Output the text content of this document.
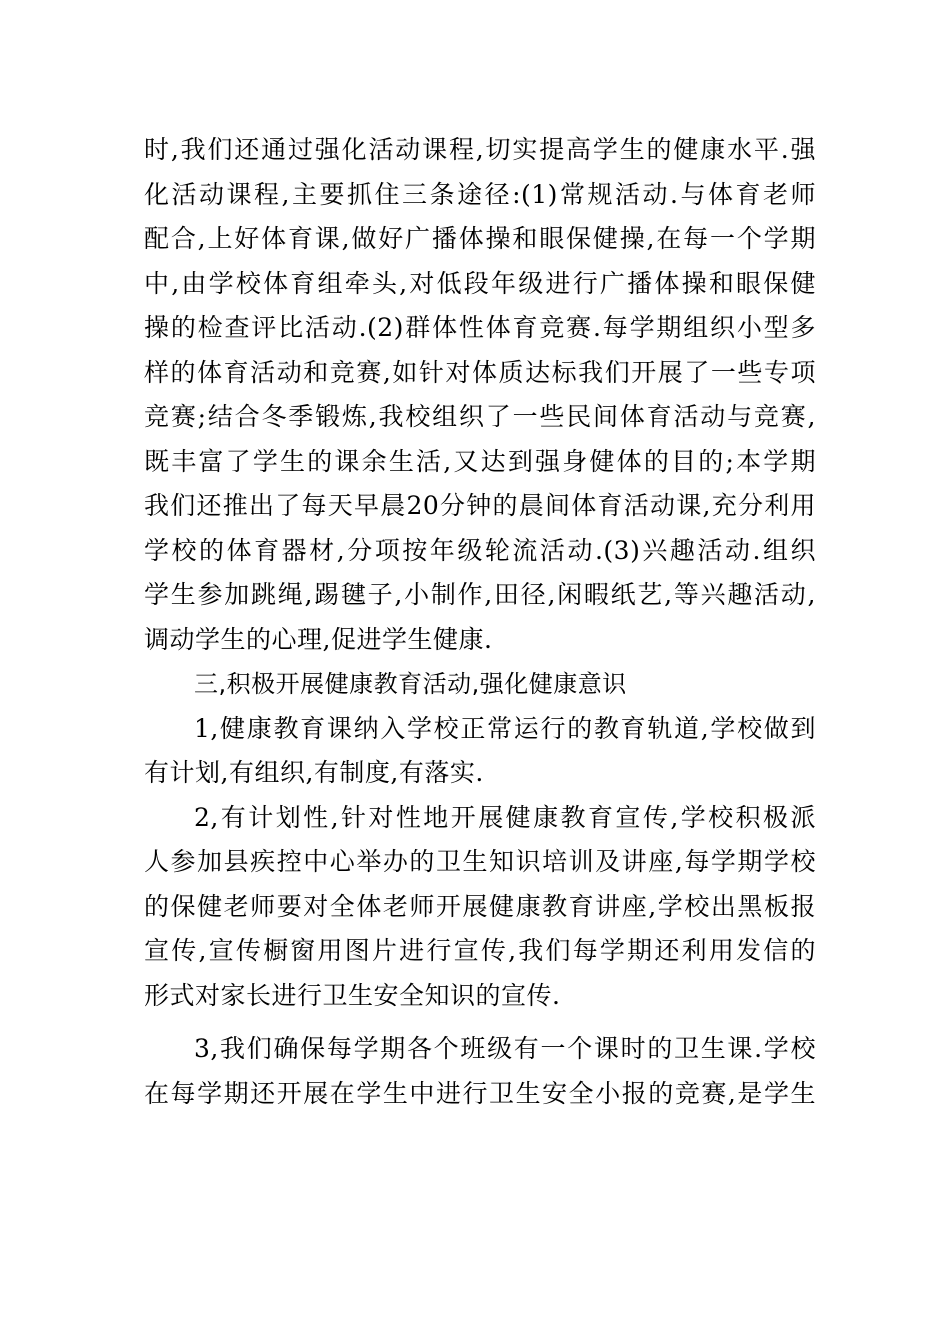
时,我们还通过强化活动课程,切实提高学生的健康水平.强
化活动课程,主要抓住三条途径:(1)常规活动.与体育老师
配合,上好体育课,做好广播体操和眼保健操,在每一个学期
中,由学校体育组牵头,对低段年级进行广播体操和眼保健
操的检查评比活动.(2)群体性体育竞赛.每学期组织小型多
样的体育活动和竞赛,如针对体质达标我们开展了一些专项
竞赛;结合冬季锻炼,我校组织了一些民间体育活动与竞赛,
既丰富了学生的课余生活,又达到强身健体的目的;本学期
我们还推出了每天早晨20分钟的晨间体育活动课,充分利用
学校的体育器材,分项按年级轮流活动.(3)兴趣活动.组织
学生参加跳绳,踢毽子,小制作,田径,闲暇纸艺,等兴趣活动,
调动学生的心理,促进学生健康.
三,积极开展健康教育活动,强化健康意识
1,健康教育课纳入学校正常运行的教育轨道,学校做到
有计划,有组织,有制度,有落实.
2,有计划性,针对性地开展健康教育宣传,学校积极派
人参加县疾控中心举办的卫生知识培训及讲座,每学期学校
的保健老师要对全体老师开展健康教育讲座,学校出黑板报
宣传,宣传橱窗用图片进行宣传,我们每学期还利用发信的
形式对家长进行卫生安全知识的宣传.
3,我们确保每学期各个班级有一个课时的卫生课.学校
在每学期还开展在学生中进行卫生安全小报的竞赛,是学生
